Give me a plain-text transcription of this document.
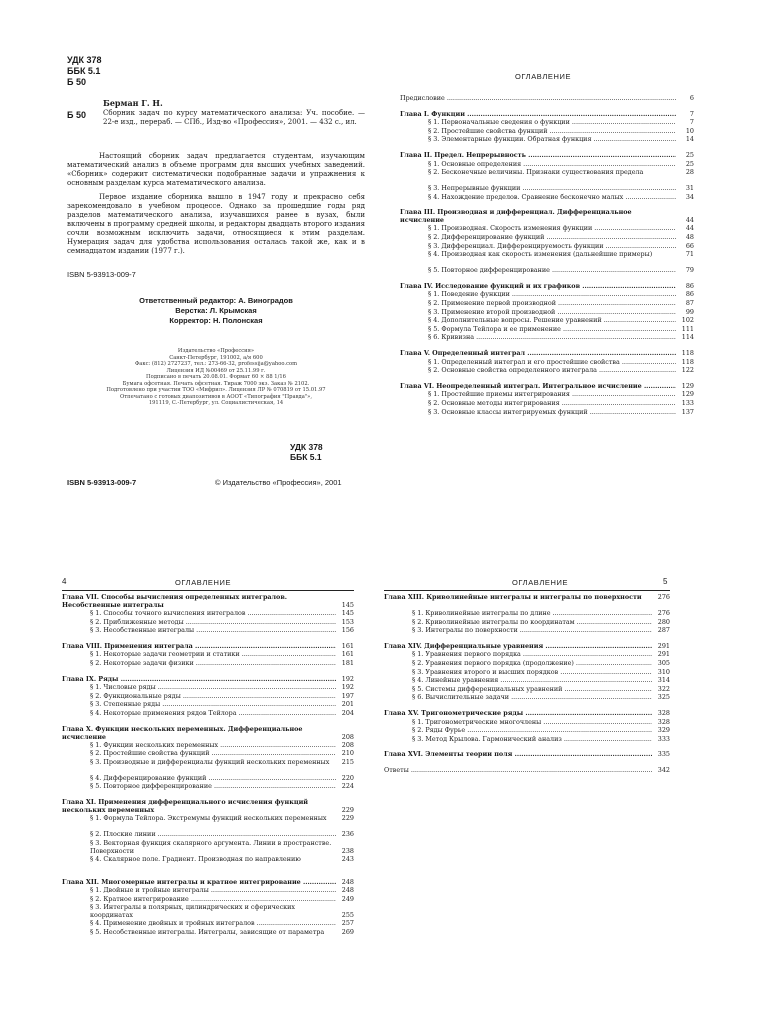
УДК 378
ББК 5.1
Б 50
Берман Г. Н.
Б 50 Сборник задач по курсу математического анализа: Уч. пособие. — 22-е изд., перераб. — СПб., Изд-во «Профессия», 2001. — 432 с., ил.
Настоящий сборник задач предлагается студентам, изучающим математический анализ в объеме программ для высших учебных заведений. «Сборник» содержит систематически подобранные задачи и упражнения к основным разделам курса математического анализа.
Первое издание сборника вышло в 1947 году и прекрасно себя зарекомендовало в учебном процессе. Однако за прошедшие годы ряд разделов математического анализа, изучавшихся ранее в вузах, были включены в программу средней школы, и редакторы двадцать второго издания сочли возможным исключить задачи, относящиеся к этим разделам. Нумерация задач для удобства использования осталась такой же, как и в семнадцатом издании (1977 г.).
ISBN 5-93913-009-7
Ответственный редактор: А. Виноградов
Верстка: Л. Крымская
Корректор: Н. Полонская
Издательство «Профессия»
Санкт-Петербург, 191002, а/я 600
Факс: (812) 2727237, тел.: 273-66-32, professija@yahoo.com
Лицензия ИД №00469 от 25.11.99 г.
Подписано в печать 20.08.01. Формат 60 × 88 1/16
Бумага офсетная. Печать офсетная. Тираж 7000 экз. Заказ № 2102.
Подготовлено при участии ТОО «Мифрил». Лицензия ЛР № 070819 от 15.01.97
Отпечатано с готовых диапозитивов в АООТ «Типография "Правда"»,
191119, С.-Петербург, ул. Социалистическая, 14
УДК 378
ББК 5.1
ISBN 5-93913-009-7	© Издательство «Профессия», 2001
ОГЛАВЛЕНИЕ
Предисловие .....	6
Глава I. Функции .....	7
§ 1. Первоначальные сведения о функции .....	7
§ 2. Простейшие свойства функций .....	10
§ 3. Элементарные функции. Обратная функция .....	14
Глава II. Предел. Непрерывность .....	25
§ 1. Основные определения .....	25
§ 2. Бесконечные величины. Признаки существования предела	28
§ 3. Непрерывные функции .....	31
§ 4. Нахождение пределов. Сравнение бесконечно малых .....	34
Глава III. Производная и дифференциал. Дифференциальное исчисление	44
§ 1. Производная. Скорость изменения функции .....	44
§ 2. Дифференцирование функций .....	48
§ 3. Дифференциал. Дифференцируемость функции .....	66
§ 4. Производная как скорость изменения (дальнейшие примеры)	71
§ 5. Повторное дифференцирование .....	79
Глава IV. Исследование функций и их графиков .....	86
§ 1. Поведение функции .....	86
§ 2. Применение первой производной .....	87
§ 3. Применение второй производной .....	99
§ 4. Дополнительные вопросы. Решение уравнений .....	102
§ 5. Формула Тейлора и ее применение .....	111
§ 6. Кривизна .....	114
Глава V. Определенный интеграл .....	118
§ 1. Определенный интеграл и его простейшие свойства .....	118
§ 2. Основные свойства определенного интеграла .....	122
Глава VI. Неопределенный интеграл. Интегральное исчисление .....	129
§ 1. Простейшие приемы интегрирования .....	129
§ 2. Основные методы интегрирования .....	133
§ 3. Основные классы интегрируемых функций .....	137
4	ОГЛАВЛЕНИЕ
Глава VII. Способы вычисления определенных интегралов. Несобственные интегралы	145
§ 1. Способы точного вычисления интегралов .....	145
§ 2. Приближенные методы .....	153
§ 3. Несобственные интегралы .....	156
Глава VIII. Применения интеграла .....	161
§ 1. Некоторые задачи геометрии и статики .....	161
§ 2. Некоторые задачи физики .....	181
Глава IX. Ряды .....	192
§ 1. Числовые ряды .....	192
§ 2. Функциональные ряды .....	197
§ 3. Степенные ряды .....	201
§ 4. Некоторые применения рядов Тейлора .....	204
Глава X. Функции нескольких переменных. Дифференциальное исчисление	208
§ 1. Функции нескольких переменных .....	208
§ 2. Простейшие свойства функций .....	210
§ 3. Производные и дифференциалы функций нескольких переменных	215
§ 4. Дифференцирование функций .....	220
§ 5. Повторное дифференцирование .....	224
Глава XI. Применения дифференциального исчисления функций нескольких переменных	229
§ 1. Формула Тейлора. Экстремумы функций нескольких переменных	229
§ 2. Плоские линии .....	236
§ 3. Векторная функция скалярного аргумента. Линии в пространстве. Поверхности	238
§ 4. Скалярное поле. Градиент. Производная по направлению	243
Глава XII. Многомерные интегралы и кратное интегрирование .....	248
§ 1. Двойные и тройные интегралы .....	248
§ 2. Кратное интегрирование .....	249
§ 3. Интегралы в полярных, цилиндрических и сферических координатах	255
§ 4. Применение двойных и тройных интегралов .....	257
§ 5. Несобственные интегралы. Интегралы, зависящие от параметра	269
ОГЛАВЛЕНИЕ	5
Глава XIII. Криволинейные интегралы и интегралы по поверхности	276
§ 1. Криволинейные интегралы по длине .....	276
§ 2. Криволинейные интегралы по координатам .....	280
§ 3. Интегралы по поверхности .....	287
Глава XIV. Дифференциальные уравнения .....	291
§ 1. Уравнения первого порядка .....	291
§ 2. Уравнения первого порядка (продолжение) .....	305
§ 3. Уравнения второго и высших порядков .....	310
§ 4. Линейные уравнения .....	314
§ 5. Системы дифференциальных уравнений .....	322
§ 6. Вычислительные задачи .....	325
Глава XV. Тригонометрические ряды .....	328
§ 1. Тригонометрические многочлены .....	328
§ 2. Ряды Фурье .....	329
§ 3. Метод Крылова. Гармонический анализ .....	333
Глава XVI. Элементы теории поля .....	335
Ответы .....	342
